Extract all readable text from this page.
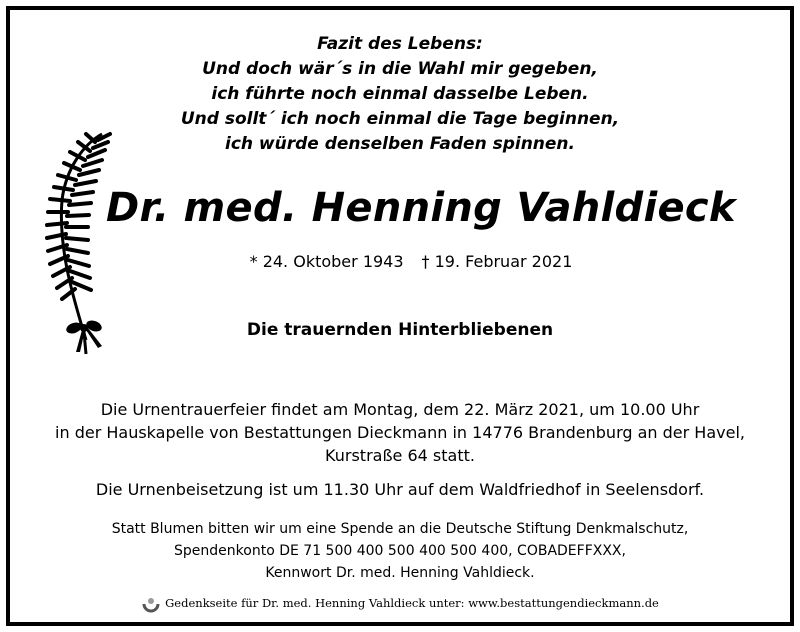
Fazit des Lebens:
Und doch wär´s in die Wahl mir gegeben,
ich führte noch einmal dasselbe Leben.
Und sollt´ ich noch einmal die Tage beginnen,
ich würde denselben Faden spinnen.
Dr. med. Henning Vahldieck
* 24. Oktober 1943 † 19. Februar 2021
Die trauernden Hinterbliebenen
Die Urnentrauerfeier findet am Montag, dem 22. März 2021, um 10.00 Uhr
in der Hauskapelle von Bestattungen Dieckmann in 14776 Brandenburg an der Havel,
Kurstraße 64 statt.
Die Urnenbeisetzung ist um 11.30 Uhr auf dem Waldfriedhof in Seelensdorf.
Statt Blumen bitten wir um eine Spende an die Deutsche Stiftung Denkmalschutz,
Spendenkonto DE 71 500 400 500 400 500 400, COBADEFFXXX,
Kennwort Dr. med. Henning Vahldieck.
Gedenkseite für Dr. med. Henning Vahldieck unter: www.bestattungendieckmann.de
